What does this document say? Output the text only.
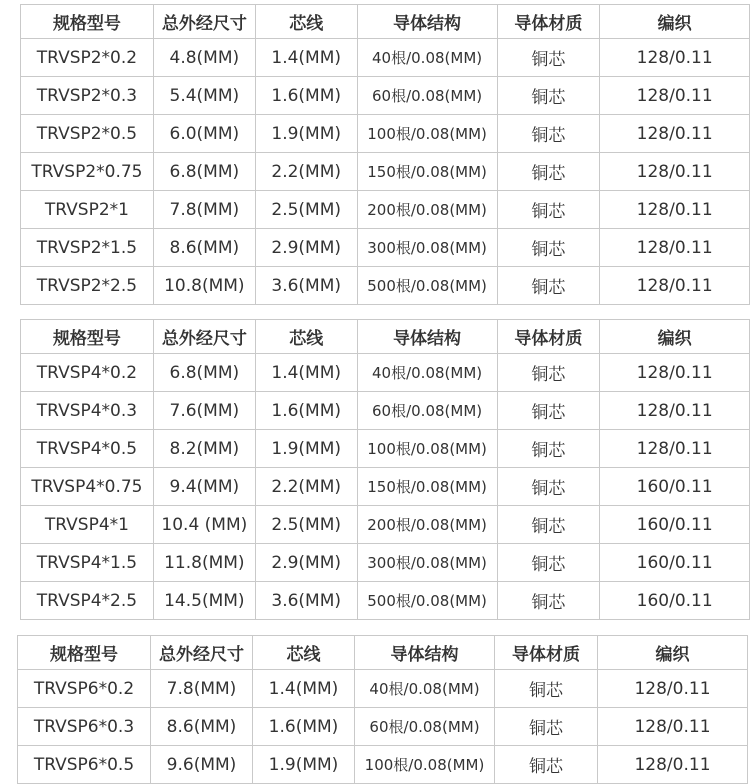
规格型号	总外经尺寸	芯线	导体结构	导体材质	编织
TRVSP2*0.2	4.8(MM)	1.4(MM)	40根/0.08(MM)	铜芯	128/0.11
TRVSP2*0.3	5.4(MM)	1.6(MM)	60根/0.08(MM)	铜芯	128/0.11
TRVSP2*0.5	6.0(MM)	1.9(MM)	100根/0.08(MM)	铜芯	128/0.11
TRVSP2*0.75	6.8(MM)	2.2(MM)	150根/0.08(MM)	铜芯	128/0.11
TRVSP2*1	7.8(MM)	2.5(MM)	200根/0.08(MM)	铜芯	128/0.11
TRVSP2*1.5	8.6(MM)	2.9(MM)	300根/0.08(MM)	铜芯	128/0.11
TRVSP2*2.5	10.8(MM)	3.6(MM)	500根/0.08(MM)	铜芯	128/0.11
规格型号	总外经尺寸	芯线	导体结构	导体材质	编织
TRVSP4*0.2	6.8(MM)	1.4(MM)	40根/0.08(MM)	铜芯	128/0.11
TRVSP4*0.3	7.6(MM)	1.6(MM)	60根/0.08(MM)	铜芯	128/0.11
TRVSP4*0.5	8.2(MM)	1.9(MM)	100根/0.08(MM)	铜芯	128/0.11
TRVSP4*0.75	9.4(MM)	2.2(MM)	150根/0.08(MM)	铜芯	160/0.11
TRVSP4*1	10.4 (MM)	2.5(MM)	200根/0.08(MM)	铜芯	160/0.11
TRVSP4*1.5	11.8(MM)	2.9(MM)	300根/0.08(MM)	铜芯	160/0.11
TRVSP4*2.5	14.5(MM)	3.6(MM)	500根/0.08(MM)	铜芯	160/0.11
规格型号	总外经尺寸	芯线	导体结构	导体材质	编织
TRVSP6*0.2	7.8(MM)	1.4(MM)	40根/0.08(MM)	铜芯	128/0.11
TRVSP6*0.3	8.6(MM)	1.6(MM)	60根/0.08(MM)	铜芯	128/0.11
TRVSP6*0.5	9.6(MM)	1.9(MM)	100根/0.08(MM)	铜芯	128/0.11
